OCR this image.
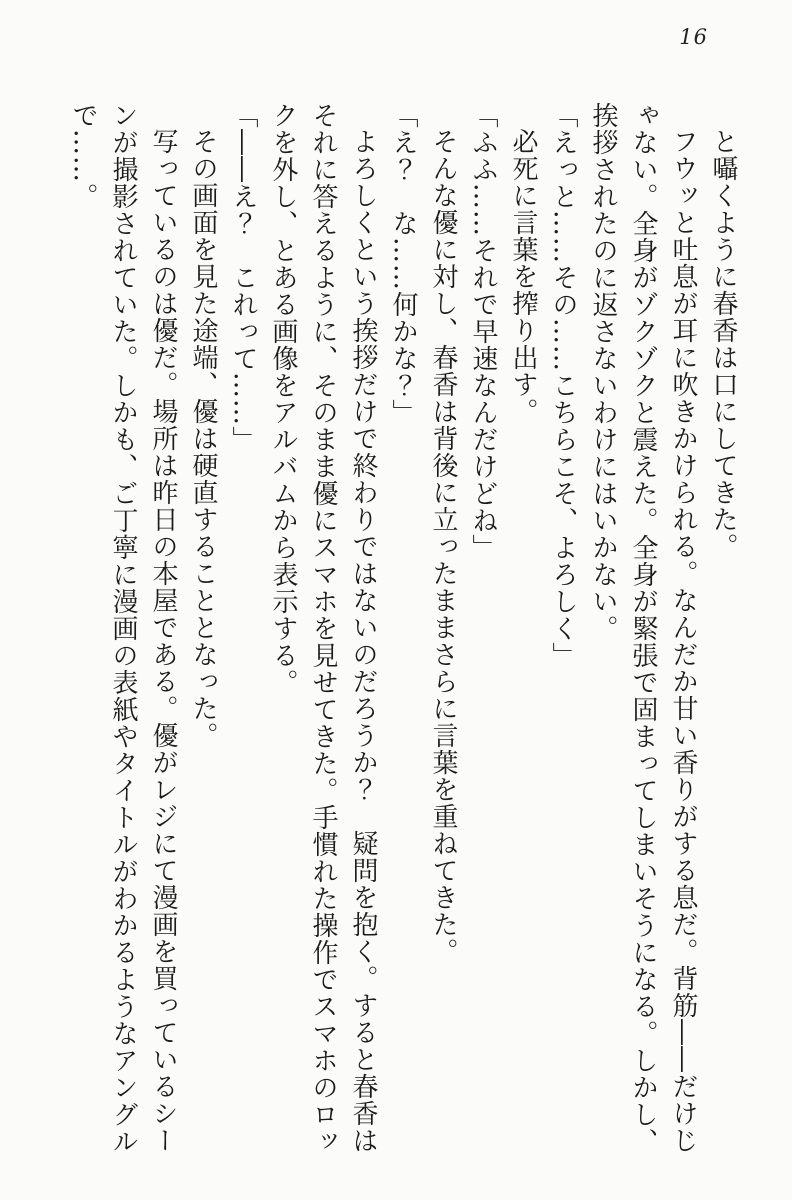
16

と囁くように春香は口にしてきた。

フウッと吐息が耳に吹きかけられる。なんだか甘い香りがする息だ。背筋――だけじゃない。全身がゾクゾクと震えた。全身が緊張で固まってしまいそうになる。しかし、挨拶されたのに返さないわけにはいかない。

「えっと……その……こちらこそ、よろしく」

必死に言葉を搾り出す。

「ふふ……それで早速なんだけどね」

そんな優に対し、春香は背後に立ったままさらに言葉を重ねてきた。

「え？　な……何かな？」

よろしくという挨拶だけで終わりではないのだろうか？　疑問を抱く。すると春香はそれに答えるように、そのまま優にスマホを見せてきた。手慣れた操作でスマホのロックを外し、とある画像をアルバムから表示する。

「――え？　これって……」

その画面を見た途端、優は硬直することとなった。

写っているのは優だ。場所は昨日の本屋である。優がレジにて漫画を買っているシーンが撮影されていた。しかも、ご丁寧に漫画の表紙やタイトルがわかるようなアングルで……。
